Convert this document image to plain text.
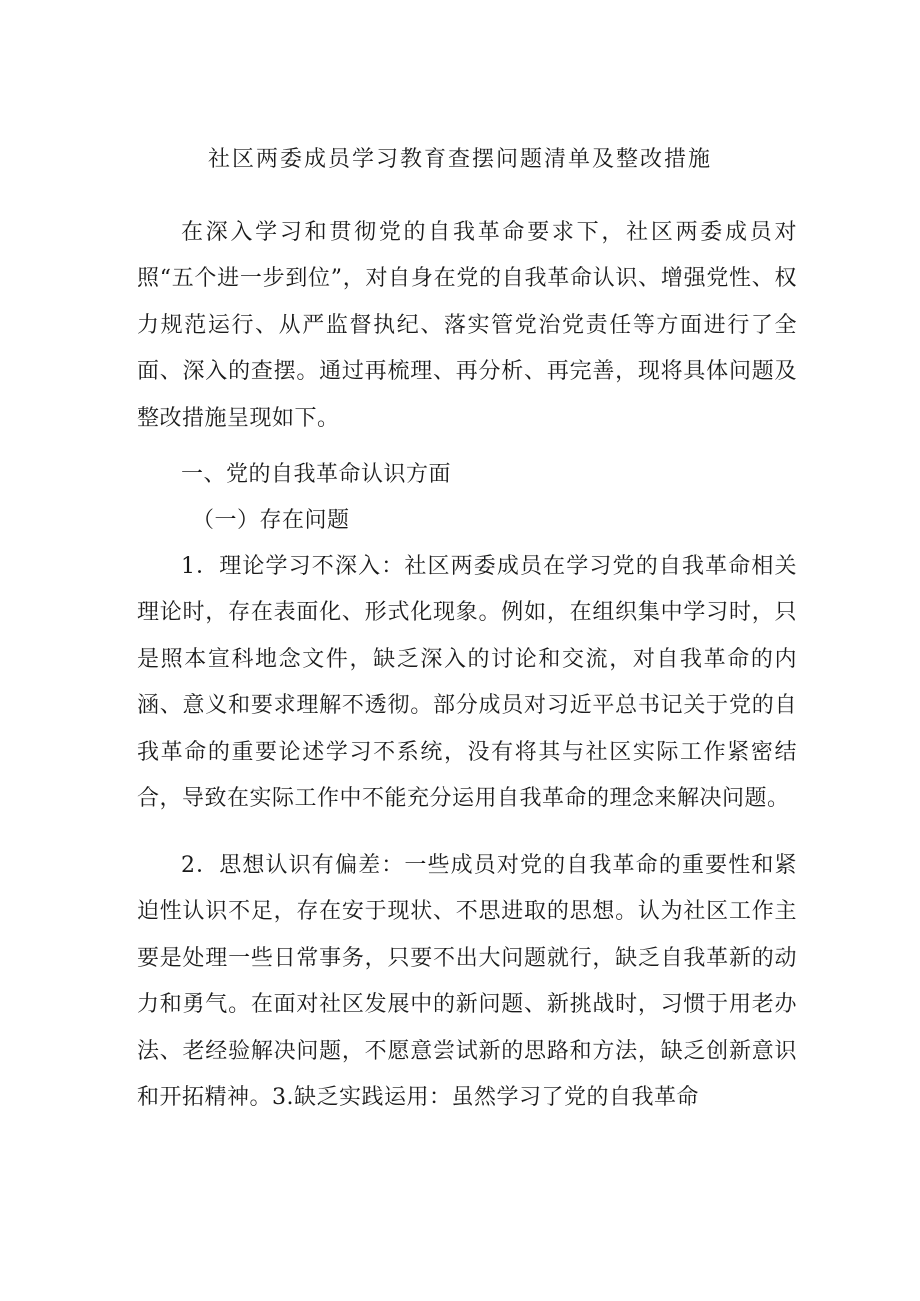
社区两委成员学习教育查摆问题清单及整改措施
在深入学习和贯彻党的自我革命要求下，社区两委成员对照“五个进一步到位”，对自身在党的自我革命认识、增强党性、权力规范运行、从严监督执纪、落实管党治党责任等方面进行了全面、深入的查摆。通过再梳理、再分析、再完善，现将具体问题及整改措施呈现如下。
一、党的自我革命认识方面
（一）存在问题
1．理论学习不深入：社区两委成员在学习党的自我革命相关理论时，存在表面化、形式化现象。例如，在组织集中学习时，只是照本宣科地念文件，缺乏深入的讨论和交流，对自我革命的内涵、意义和要求理解不透彻。部分成员对习近平总书记关于党的自我革命的重要论述学习不系统，没有将其与社区实际工作紧密结合，导致在实际工作中不能充分运用自我革命的理念来解决问题。
2．思想认识有偏差：一些成员对党的自我革命的重要性和紧迫性认识不足，存在安于现状、不思进取的思想。认为社区工作主要是处理一些日常事务，只要不出大问题就行，缺乏自我革新的动力和勇气。在面对社区发展中的新问题、新挑战时，习惯于用老办法、老经验解决问题，不愿意尝试新的思路和方法，缺乏创新意识和开拓精神。3.缺乏实践运用：虽然学习了党的自我革命
